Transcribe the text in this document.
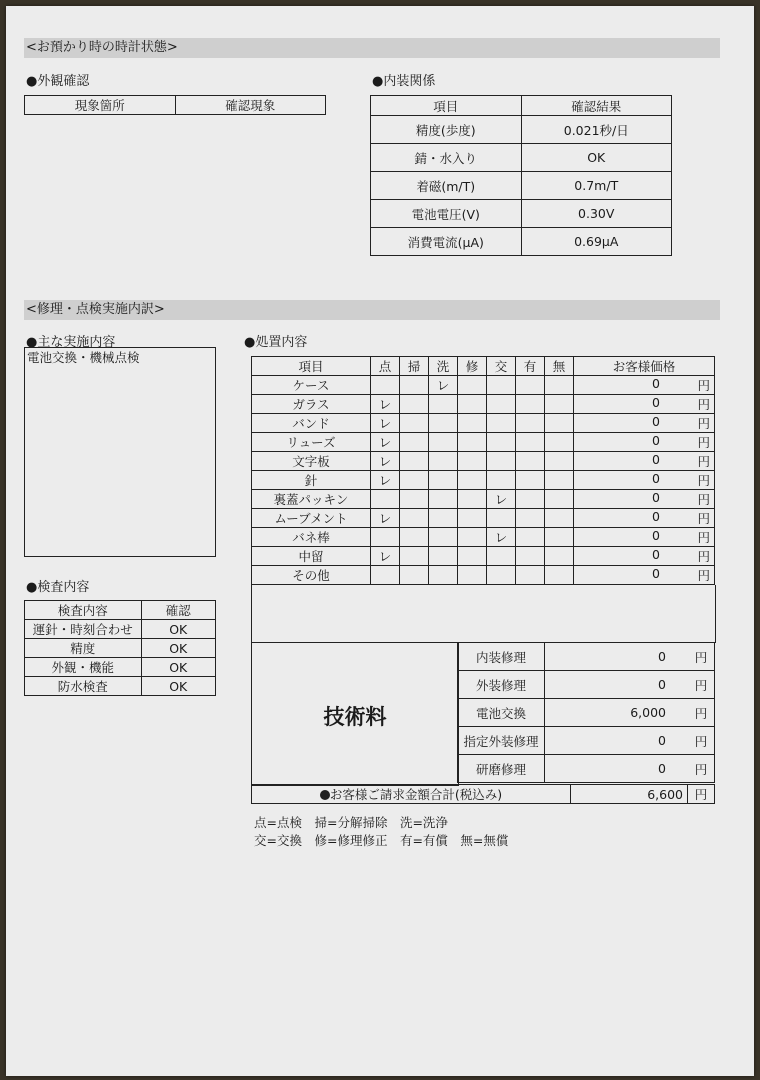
<お預かり時の時計状態>
●外観確認
現象箇所	確認現象
●内装関係
項目	確認結果
精度(歩度)	0.021秒/日
錆・水入り	OK
着磁(m/T)	0.7m/T
電池電圧(V)	0.30V
消費電流(μA)	0.69μA
<修理・点検実施内訳>
●主な実施内容
電池交換・機械点検
●検査内容
検査内容	確認
運針・時刻合わせ	OK
精度	OK
外観・機能	OK
防水検査	OK
●処置内容
項目	点	掃	洗	修	交	有	無	お客様価格
ケース			レ					0 円

ガラス	レ							0 円

バンド	レ							0 円

リューズ	レ							0 円

文字板	レ							0 円

針	レ							0 円

裏蓋パッキン					レ			0 円

ムーブメント	レ							0 円

バネ棒					レ			0 円

中留	レ							0 円

その他								0 円
技術料
内装修理	0	円
外装修理	0	円
電池交換	6,000	円
指定外装修理	0	円
研磨修理	0	円
お客様ご請求金額合計(税込み)	6,600	円
点=点検　掃=分解掃除　洗=洗浄
交=交換　修=修理修正　有=有償　無=無償
